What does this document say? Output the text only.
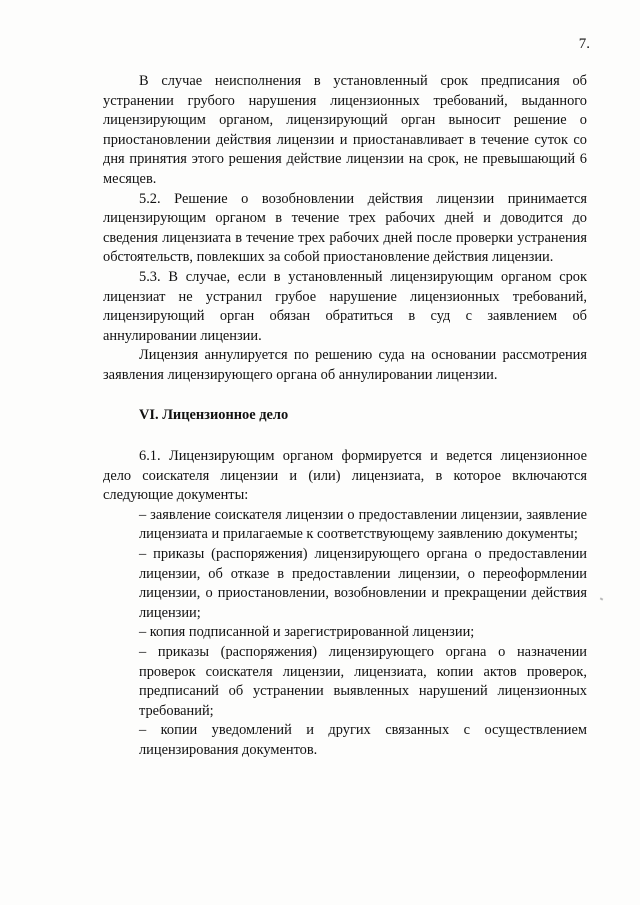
7.

В случае неисполнения в установленный срок предписания об устранении грубого нарушения лицензионных требований, выданного лицензирующим органом, лицензирующий орган выносит решение о приостановлении действия лицензии и приостанавливает в течение суток со дня принятия этого решения действие лицензии на срок, не превышающий 6 месяцев.

5.2. Решение о возобновлении действия лицензии принимается лицензирующим органом в течение трех рабочих дней и доводится до сведения лицензиата в течение трех рабочих дней после проверки устранения обстоятельств, повлекших за собой приостановление действия лицензии.

5.3. В случае, если в установленный лицензирующим органом срок лицензиат не устранил грубое нарушение лицензионных требований, лицензирующий орган обязан обратиться в суд с заявлением об аннулировании лицензии.

Лицензия аннулируется по решению суда на основании рассмотрения заявления лицензирующего органа об аннулировании лицензии.

VI. Лицензионное дело

6.1. Лицензирующим органом формируется и ведется лицензионное дело соискателя лицензии и (или) лицензиата, в которое включаются следующие документы:

– заявление соискателя лицензии о предоставлении лицензии, заявление лицензиата и прилагаемые к соответствующему заявлению документы;

– приказы (распоряжения) лицензирующего органа о предоставлении лицензии, об отказе в предоставлении лицензии, о переоформлении лицензии, о приостановлении, возобновлении и прекращении действия лицензии;

– копия подписанной и зарегистрированной лицензии;

– приказы (распоряжения) лицензирующего органа о назначении проверок соискателя лицензии, лицензиата, копии актов проверок, предписаний об устранении выявленных нарушений лицензионных требований;

– копии уведомлений и других связанных с осуществлением лицензирования документов.
